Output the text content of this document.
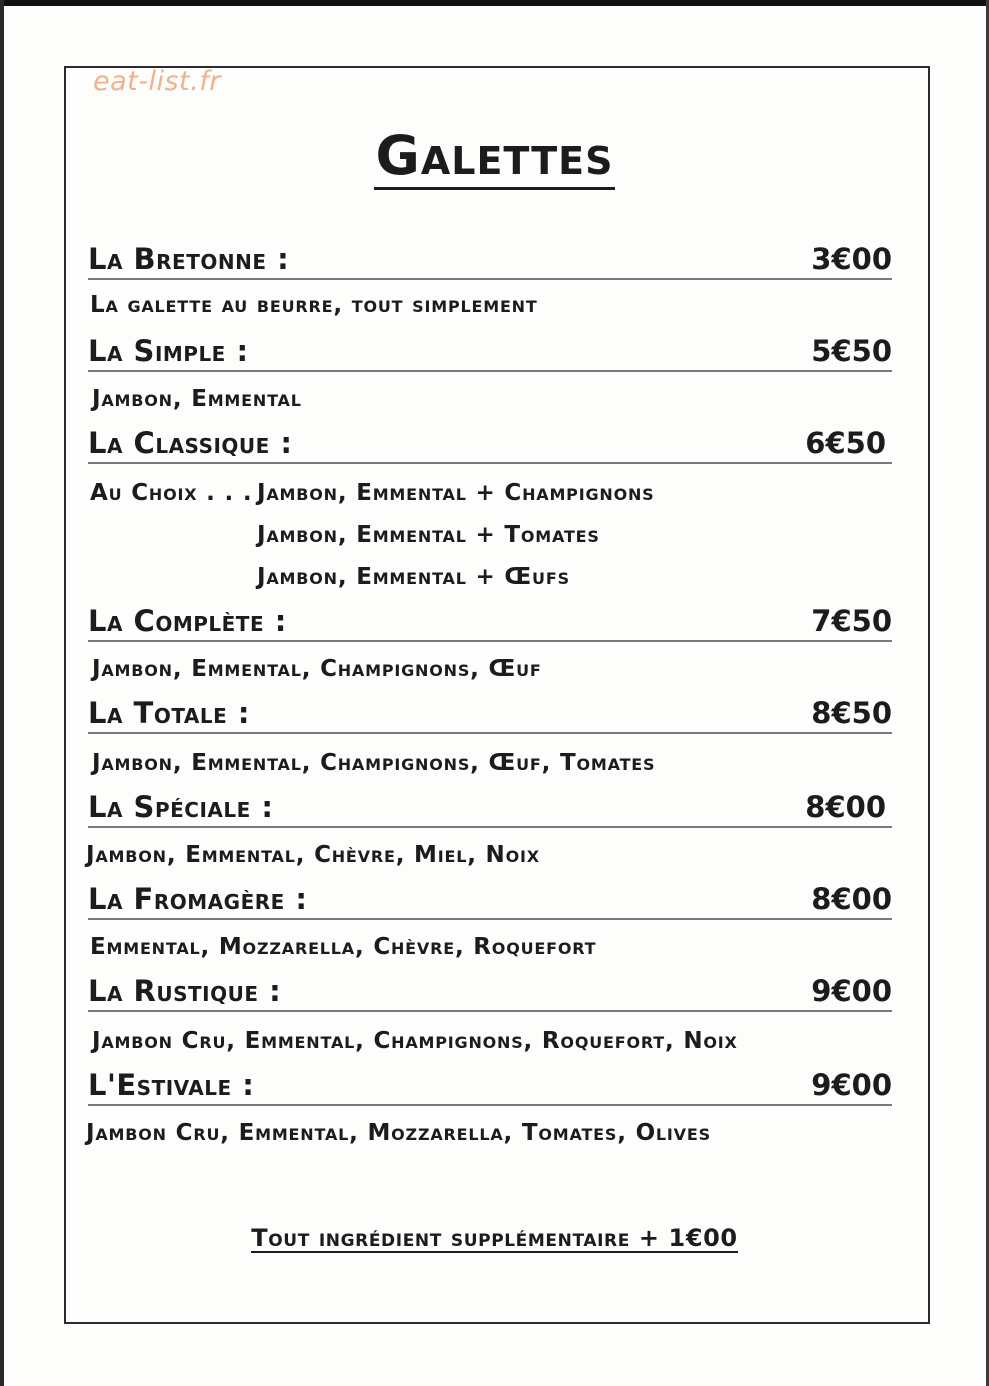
eat-list.fr
Galettes
La Bretonne :	3€00
La galette au beurre, tout simplement
La Simple :	5€50
Jambon, Emmental
La Classique :	6€50
Au Choix . . . Jambon, Emmental + Champignons
Jambon, Emmental + Tomates
Jambon, Emmental + Œufs
La Complète :	7€50
Jambon, Emmental, Champignons, Œuf
La Totale :	8€50
Jambon, Emmental, Champignons, Œuf, Tomates
La Spéciale :	8€00
Jambon, Emmental, Chèvre, Miel, Noix
La Fromagère :	8€00
Emmental, Mozzarella, Chèvre, Roquefort
La Rustique :	9€00
Jambon Cru, Emmental, Champignons, Roquefort, Noix
L'Estivale :	9€00
Jambon Cru, Emmental, Mozzarella, Tomates, Olives
Tout ingrédient supplémentaire + 1€00
